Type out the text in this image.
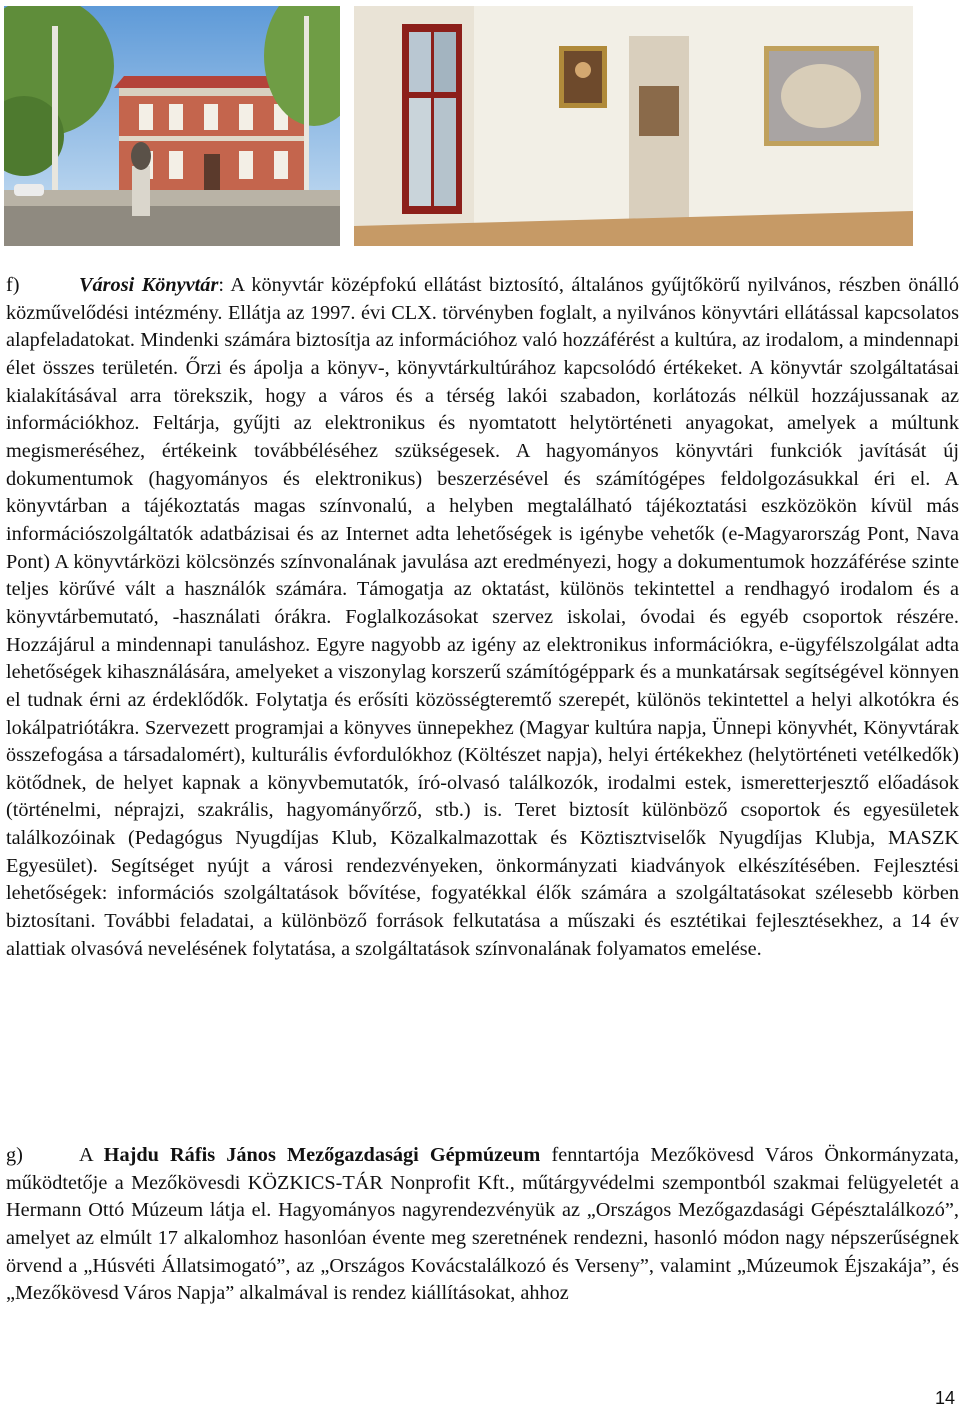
f)	Városi Könyvtár: A könyvtár középfokú ellátást biztosító, általános gyűjtőkörű nyilvános, részben önálló közművelődési intézmény. Ellátja az 1997. évi CLX. törvényben foglalt, a nyilvános könyvtári ellátással kapcsolatos alapfeladatokat. Mindenki számára biztosítja az információhoz való hozzáférést a kultúra, az irodalom, a mindennapi élet összes területén. Őrzi és ápolja a könyv-, könyvtárkultúrához kapcsolódó értékeket. A könyvtár szolgáltatásai kialakításával arra törekszik, hogy a város és a térség lakói szabadon, korlátozás nélkül hozzájussanak az információkhoz. Feltárja, gyűjti az elektronikus és nyomtatott helytörténeti anyagokat, amelyek a múltunk megismeréséhez, értékeink továbbéléséhez szükségesek. A hagyományos könyvtári funkciók javítását új dokumentumok (hagyományos és elektronikus) beszerzésével és számítógépes feldolgozásukkal éri el. A könyvtárban a tájékoztatás magas színvonalú, a helyben megtalálható tájékoztatási eszközökön kívül más információszolgáltatók adatbázisai és az Internet adta lehetőségek is igénybe vehetők (e-Magyarország Pont, Nava Pont) A könyvtárközi kölcsönzés színvonalának javulása azt eredményezi, hogy a dokumentumok hozzáférése szinte teljes körűvé vált a használók számára. Támogatja az oktatást, különös tekintettel a rendhagyó irodalom és a könyvtárbemutató, -használati órákra. Foglalkozásokat szervez iskolai, óvodai és egyéb csoportok részére. Hozzájárul a mindennapi tanuláshoz. Egyre nagyobb az igény az elektronikus információkra, e-ügyfélszolgálat adta lehetőségek kihasználására, amelyeket a viszonylag korszerű számítógéppark és a munkatársak segítségével könnyen el tudnak érni az érdeklődők. Folytatja és erősíti közösségteremtő szerepét, különös tekintettel a helyi alkotókra és lokálpatriótákra. Szervezett programjai a könyves ünnepekhez (Magyar kultúra napja, Ünnepi könyvhét, Könyvtárak összefogása a társadalomért), kulturális évfordulókhoz (Költészet napja), helyi értékekhez (helytörténeti vetélkedők) kötődnek, de helyet kapnak a könyvbemutatók, író-olvasó találkozók, irodalmi estek, ismeretterjesztő előadások (történelmi, néprajzi, szakrális, hagyományőrző, stb.) is. Teret biztosít különböző csoportok és egyesületek találkozóinak (Pedagógus Nyugdíjas Klub, Közalkalmazottak és Köztisztviselők Nyugdíjas Klubja, MASZK Egyesület). Segítséget nyújt a városi rendezvényeken, önkormányzati kiadványok elkészítésében. Fejlesztési lehetőségek: információs szolgáltatások bővítése, fogyatékkal élők számára a szolgáltatásokat szélesebb körben biztosítani. További feladatai, a különböző források felkutatása a műszaki és esztétikai fejlesztésekhez, a 14 év alattiak olvasóvá nevelésének folytatása, a szolgáltatások színvonalának folyamatos emelése.

g)	A Hajdu Ráfis János Mezőgazdasági Gépmúzeum fenntartója Mezőkövesd Város Önkormányzata, működtetője a Mezőkövesdi KÖZKICS-TÁR Nonprofit Kft., műtárgyvédelmi szempontból szakmai felügyeletét a Hermann Ottó Múzeum látja el. Hagyományos nagyrendezvényük az „Országos Mezőgazdasági Gépésztalálkozó”, amelyet az elmúlt 17 alkalomhoz hasonlóan évente meg szeretnének rendezni, hasonló módon nagy népszerűségnek örvend a „Húsvéti Állatsimogató”, az „Országos Kovácstalálkozó és Verseny”, valamint „Múzeumok Éjszakája”, és „Mezőkövesd Város Napja” alkalmával is rendez kiállításokat, ahhoz

14
